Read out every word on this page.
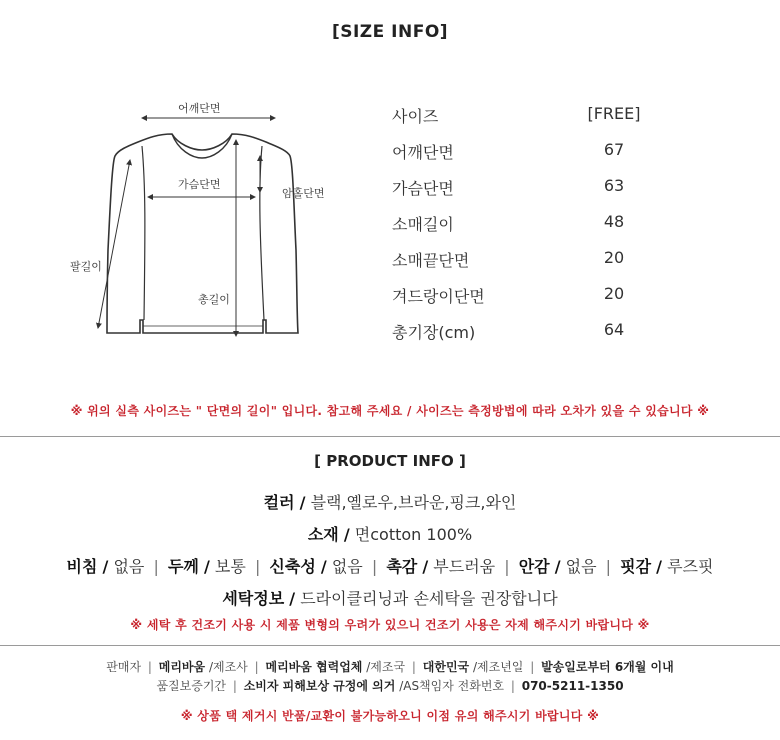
[SIZE INFO]
어깨단면
가슴단면
암홀단면
팔길이
총길이
사이즈	[FREE]
어깨단면	67
가슴단면	63
소매길이	48
소매끝단면	20
겨드랑이단면	20
총기장(cm)	64
※ 위의 실측 사이즈는 " 단면의 길이" 입니다. 참고해 주세요 / 사이즈는 측정방법에 따라 오차가 있을 수 있습니다 ※
[ PRODUCT INFO ]
컬러 / 블랙,옐로우,브라운,핑크,와인
소재 / 면cotton 100%
비침 / 없음 | 두께 / 보통 | 신축성 / 없음 | 촉감 / 부드러움 | 안감 / 없음 | 핏감 / 루즈핏
세탁정보 / 드라이클리닝과 손세탁을 권장합니다
※ 세탁 후 건조기 사용 시 제품 변형의 우려가 있으니 건조기 사용은 자제 해주시기 바랍니다 ※
판매자 | 메리바움 /제조사 | 메리바움 협력업체 /제조국 | 대한민국 /제조년일 | 발송일로부터 6개월 이내
품질보증기간 | 소비자 피해보상 규정에 의거 /AS책임자 전화번호 | 070-5211-1350
※ 상품 택 제거시 반품/교환이 불가능하오니 이점 유의 해주시기 바랍니다 ※
